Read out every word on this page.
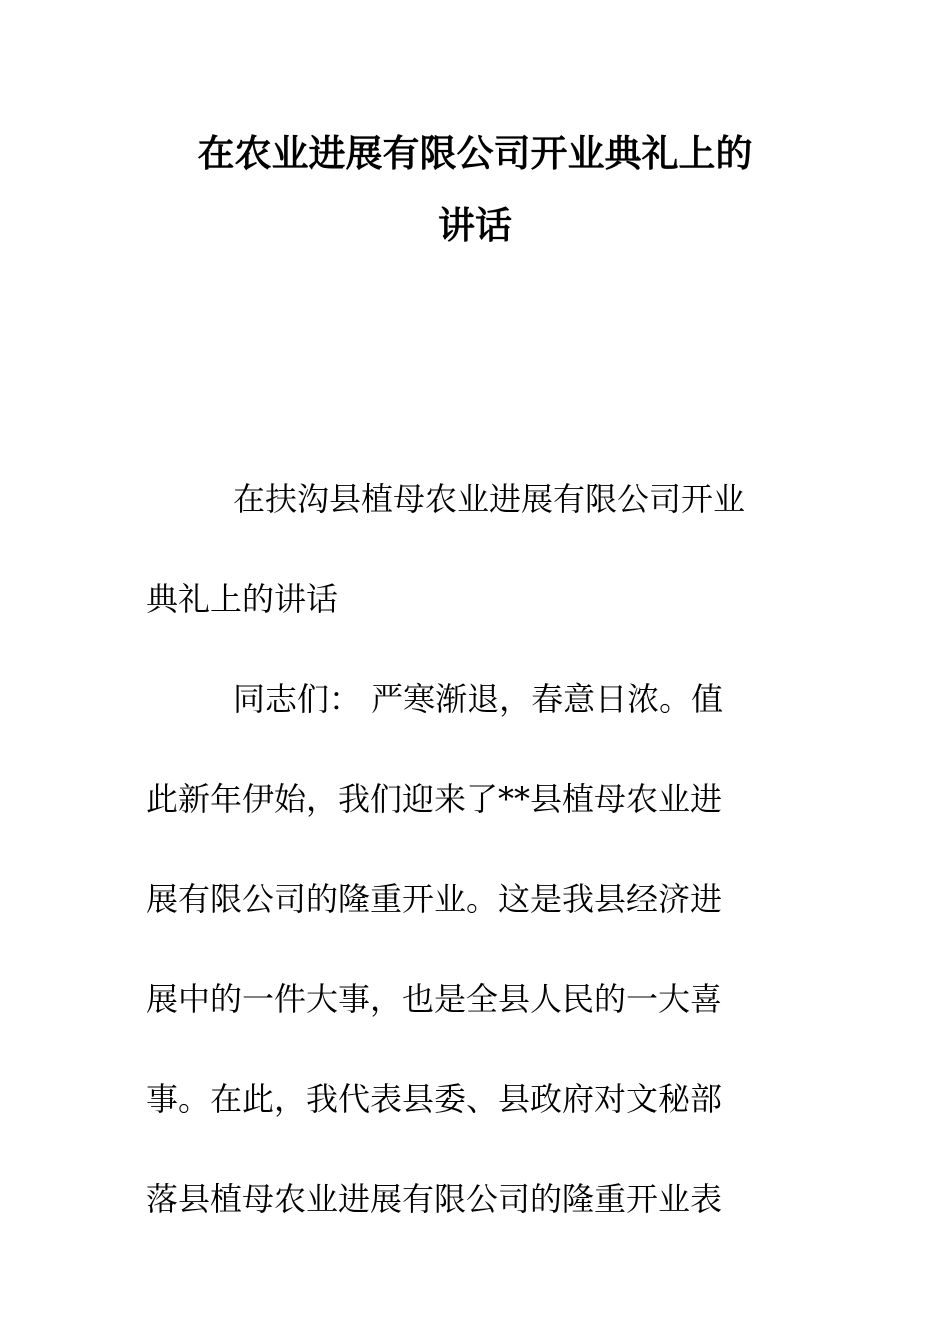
在农业进展有限公司开业典礼上的
讲话
在扶沟县植母农业进展有限公司开业
典礼上的讲话
同志们： 严寒渐退，春意日浓。值
此新年伊始，我们迎来了**县植母农业进
展有限公司的隆重开业。这是我县经济进
展中的一件大事，也是全县人民的一大喜
事。在此，我代表县委、县政府对文秘部
落县植母农业进展有限公司的隆重开业表
